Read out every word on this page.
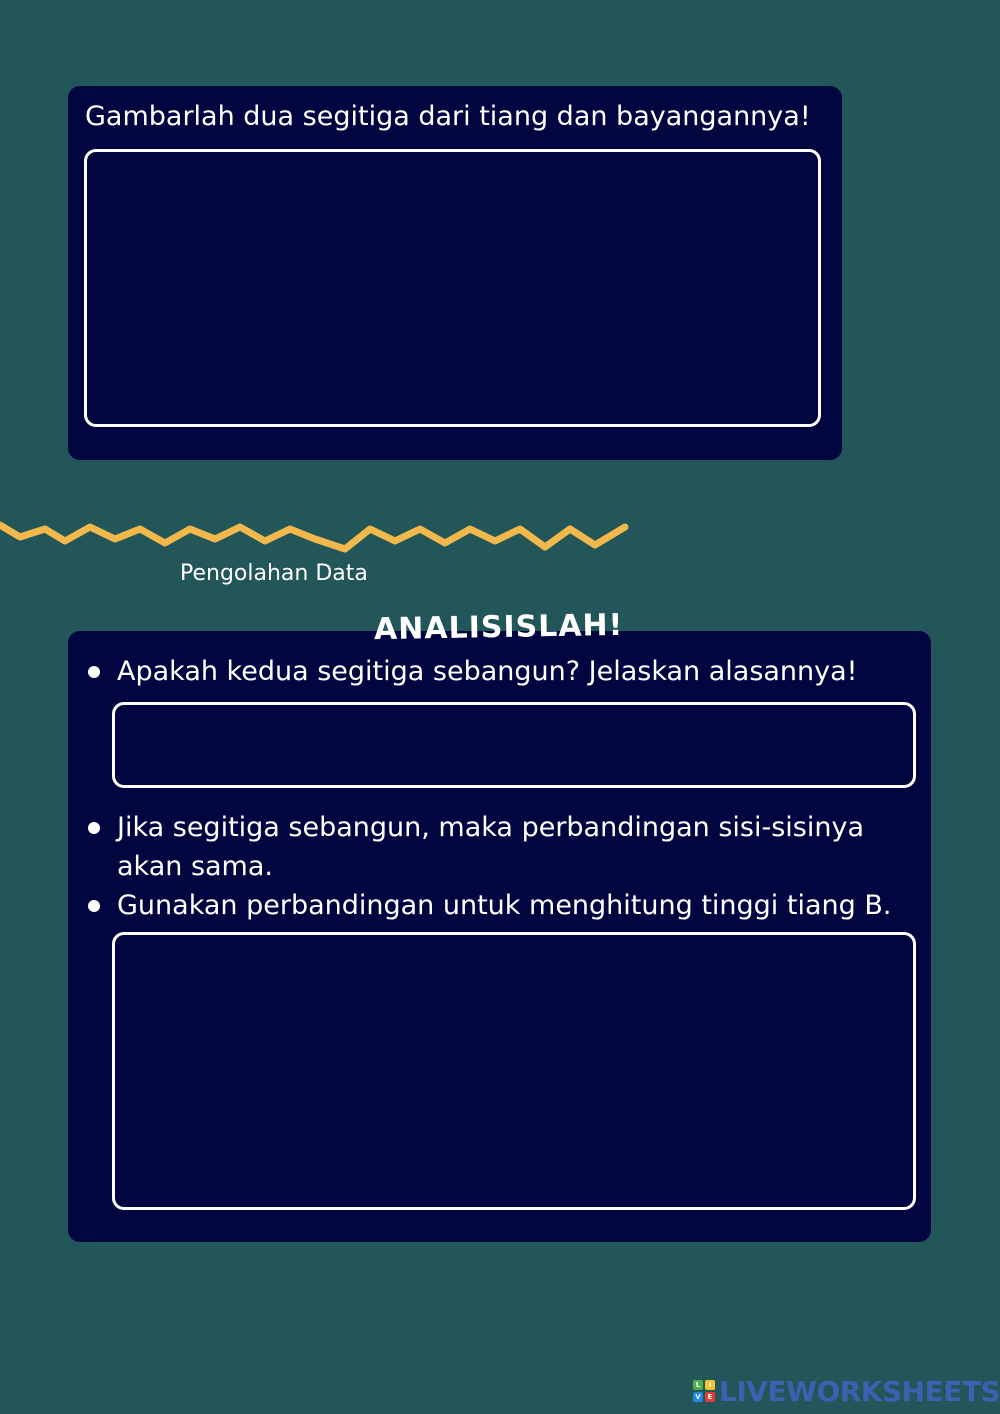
Gambarlah dua segitiga dari tiang dan bayangannya!
Pengolahan Data
ANALISISLAH!
Apakah kedua segitiga sebangun? Jelaskan alasannya!
Jika segitiga sebangun, maka perbandingan sisi-sisinya akan sama.
Gunakan perbandingan untuk menghitung tinggi tiang B.
L	I
V E LIVEWORKSHEETS
